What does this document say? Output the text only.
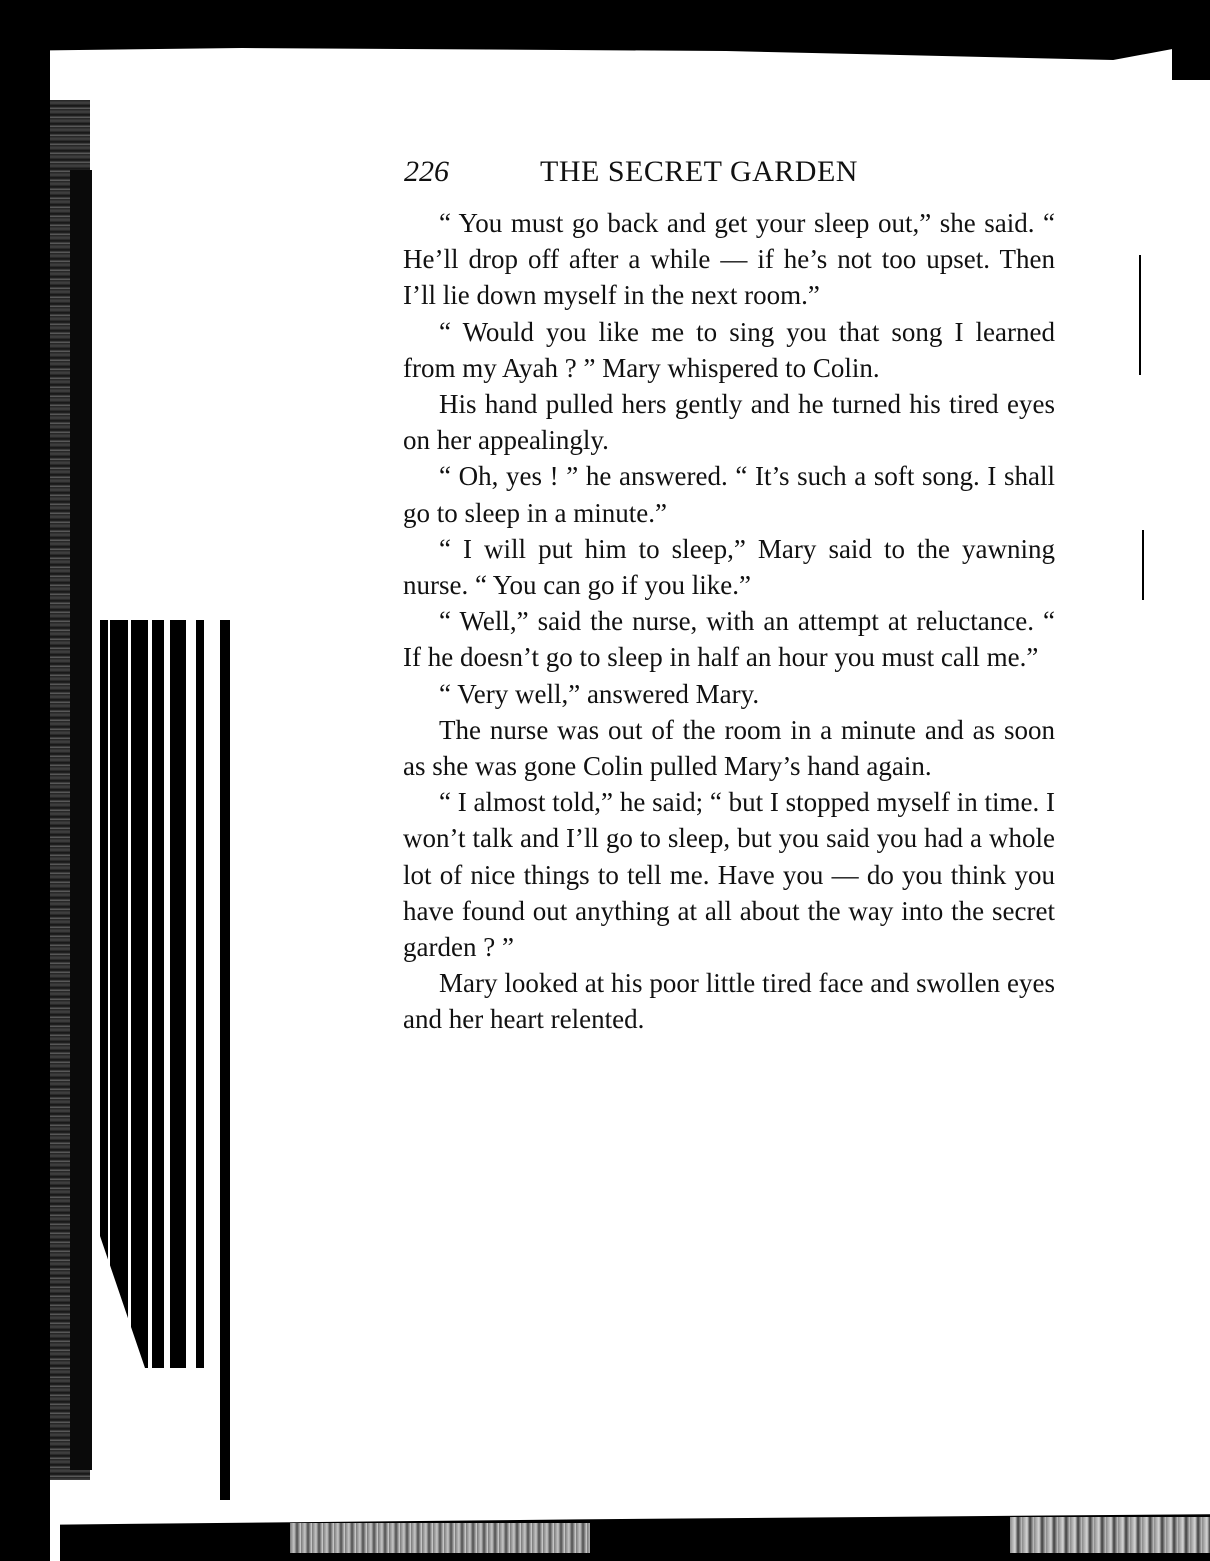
226	THE SECRET GARDEN

“ You must go back and get your sleep out,” she said. “ He’ll drop off after a while — if he’s not too upset. Then I’ll lie down myself in the next room.”

“ Would you like me to sing you that song I learned from my Ayah ? ” Mary whispered to Colin.

His hand pulled hers gently and he turned his tired eyes on her appealingly.

“ Oh, yes ! ” he answered. “ It’s such a soft song. I shall go to sleep in a minute.”

“ I will put him to sleep,” Mary said to the yawning nurse. “ You can go if you like.”

“ Well,” said the nurse, with an attempt at reluctance. “ If he doesn’t go to sleep in half an hour you must call me.”

“ Very well,” answered Mary.

The nurse was out of the room in a minute and as soon as she was gone Colin pulled Mary’s hand again.

“ I almost told,” he said; “ but I stopped myself in time. I won’t talk and I’ll go to sleep, but you said you had a whole lot of nice things to tell me. Have you — do you think you have found out anything at all about the way into the secret garden ? ”

Mary looked at his poor little tired face and swollen eyes and her heart relented.
